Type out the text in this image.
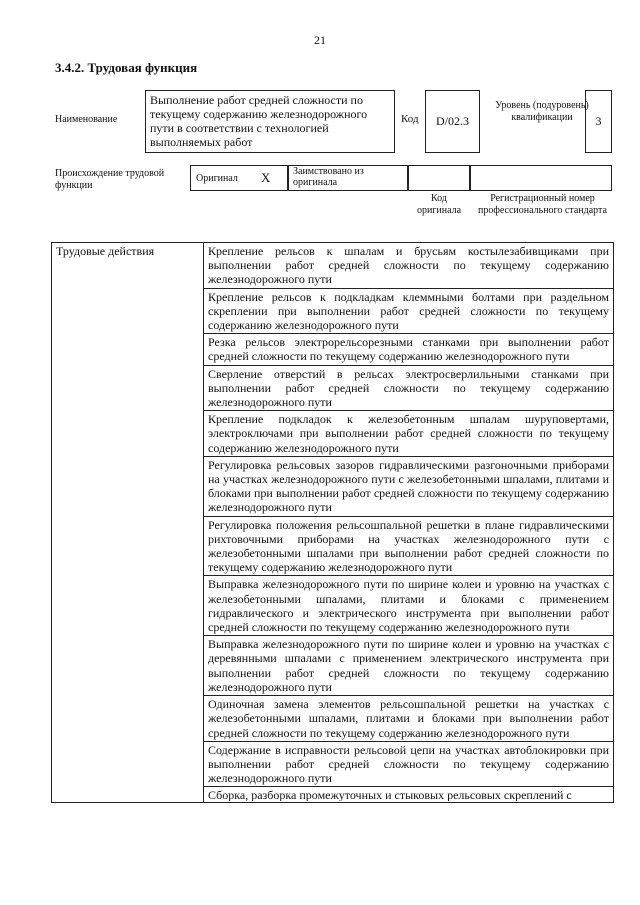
21
3.4.2. Трудовая функция
Наименование
Выполнение работ средней сложности по текущему содержанию железнодорожного пути в соответствии с технологией выполняемых работ
Код	D/02.3
Уровень (подуровень) квалификации	3
Происхождение трудовой функции
Оригинал X Заимствовано из оригинала
Код оригинала
Регистрационный номер профессионального стандарта
Трудовые действия	Крепление рельсов к шпалам и брусьям костылезабивщиками при выполнении работ средней сложности по текущему содержанию железнодорожного пути
Крепление рельсов к подкладкам клеммными болтами при раздельном скреплении при выполнении работ средней сложности по текущему содержанию железнодорожного пути
Резка рельсов электрорельсорезными станками при выполнении работ средней сложности по текущему содержанию железнодорожного пути
Сверление отверстий в рельсах электросверлильными станками при выполнении работ средней сложности по текущему содержанию железнодорожного пути
Крепление подкладок к железобетонным шпалам шуруповертами, электроключами при выполнении работ средней сложности по текущему содержанию железнодорожного пути
Регулировка рельсовых зазоров гидравлическими разгоночными приборами на участках железнодорожного пути с железобетонными шпалами, плитами и блоками при выполнении работ средней сложности по текущему содержанию железнодорожного пути
Регулировка положения рельсошпальной решетки в плане гидравлическими рихтовочными приборами на участках железнодорожного пути с железобетонными шпалами при выполнении работ средней сложности по текущему содержанию железнодорожного пути
Выправка железнодорожного пути по ширине колеи и уровню на участках с железобетонными шпалами, плитами и блоками с применением гидравлического и электрического инструмента при выполнении работ средней сложности по текущему содержанию железнодорожного пути
Выправка железнодорожного пути по ширине колеи и уровню на участках с деревянными шпалами с применением электрического инструмента при выполнении работ средней сложности по текущему содержанию железнодорожного пути
Одиночная замена элементов рельсошпальной решетки на участках с железобетонными шпалами, плитами и блоками при выполнении работ средней сложности по текущему содержанию железнодорожного пути
Содержание в исправности рельсовой цепи на участках автоблокировки при выполнении работ средней сложности по текущему содержанию железнодорожного пути

Сборка, разборка промежуточных и стыковых рельсовых скреплений с
